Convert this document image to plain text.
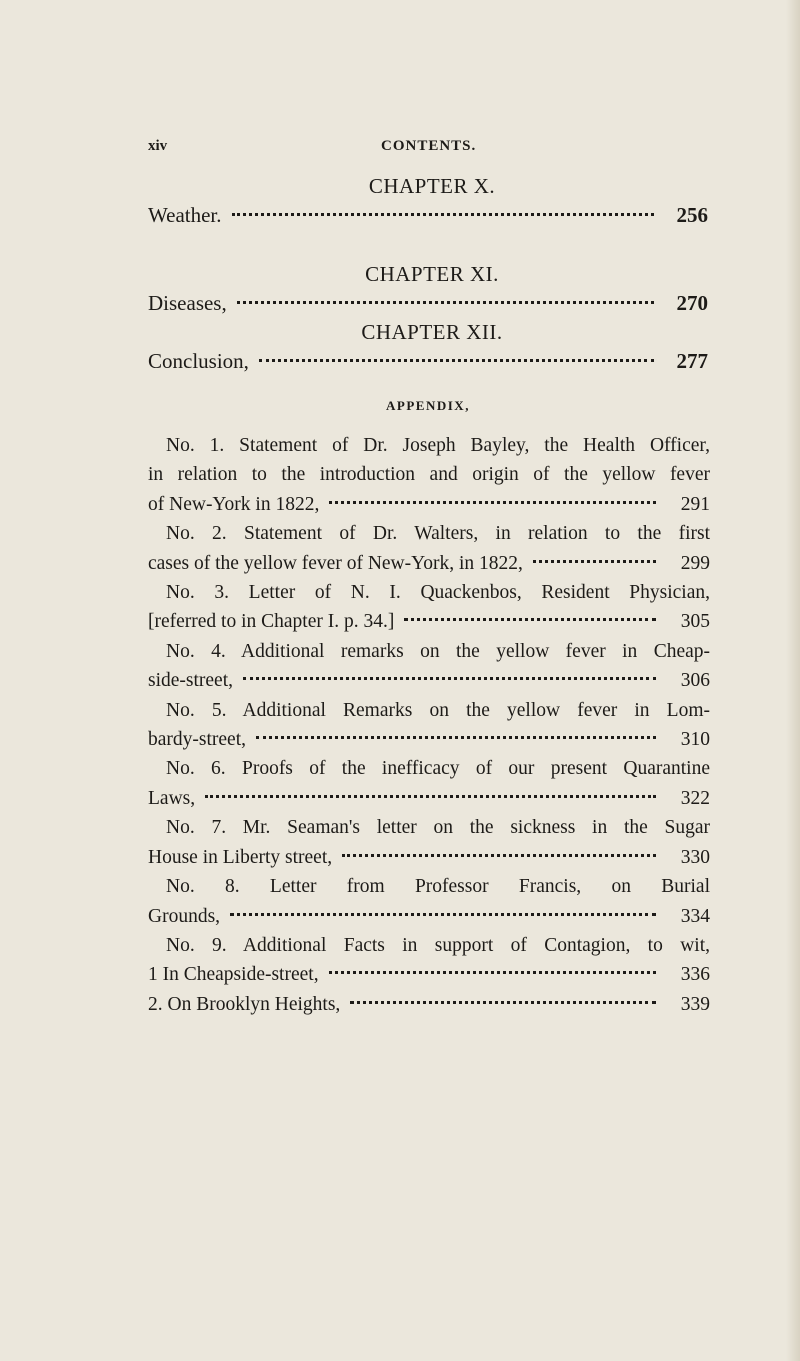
xiv	CONTENTS.
CHAPTER X.
Weather.	256
CHAPTER XI.
Diseases,	270
CHAPTER XII.
Conclusion,	277
APPENDIX,
No. 1. Statement of Dr. Joseph Bayley, the Health Officer,
in relation to the introduction and origin of the yellow fever
of New-York in 1822,	291
No. 2. Statement of Dr. Walters, in relation to the first
cases of the yellow fever of New-York, in 1822,	299
No. 3. Letter of N. I. Quackenbos, Resident Physician,
[referred to in Chapter I. p. 34.]	305
No. 4. Additional remarks on the yellow fever in Cheap-
side-street,	306
No. 5. Additional Remarks on the yellow fever in Lom-
bardy-street,	310
No. 6. Proofs of the inefficacy of our present Quarantine
Laws,	322
No. 7. Mr. Seaman's letter on the sickness in the Sugar
House in Liberty street,	330
No. 8. Letter from Professor Francis, on Burial
Grounds,	334
No. 9. Additional Facts in support of Contagion, to wit,
1 In Cheapside-street,	336
2. On Brooklyn Heights,	339
